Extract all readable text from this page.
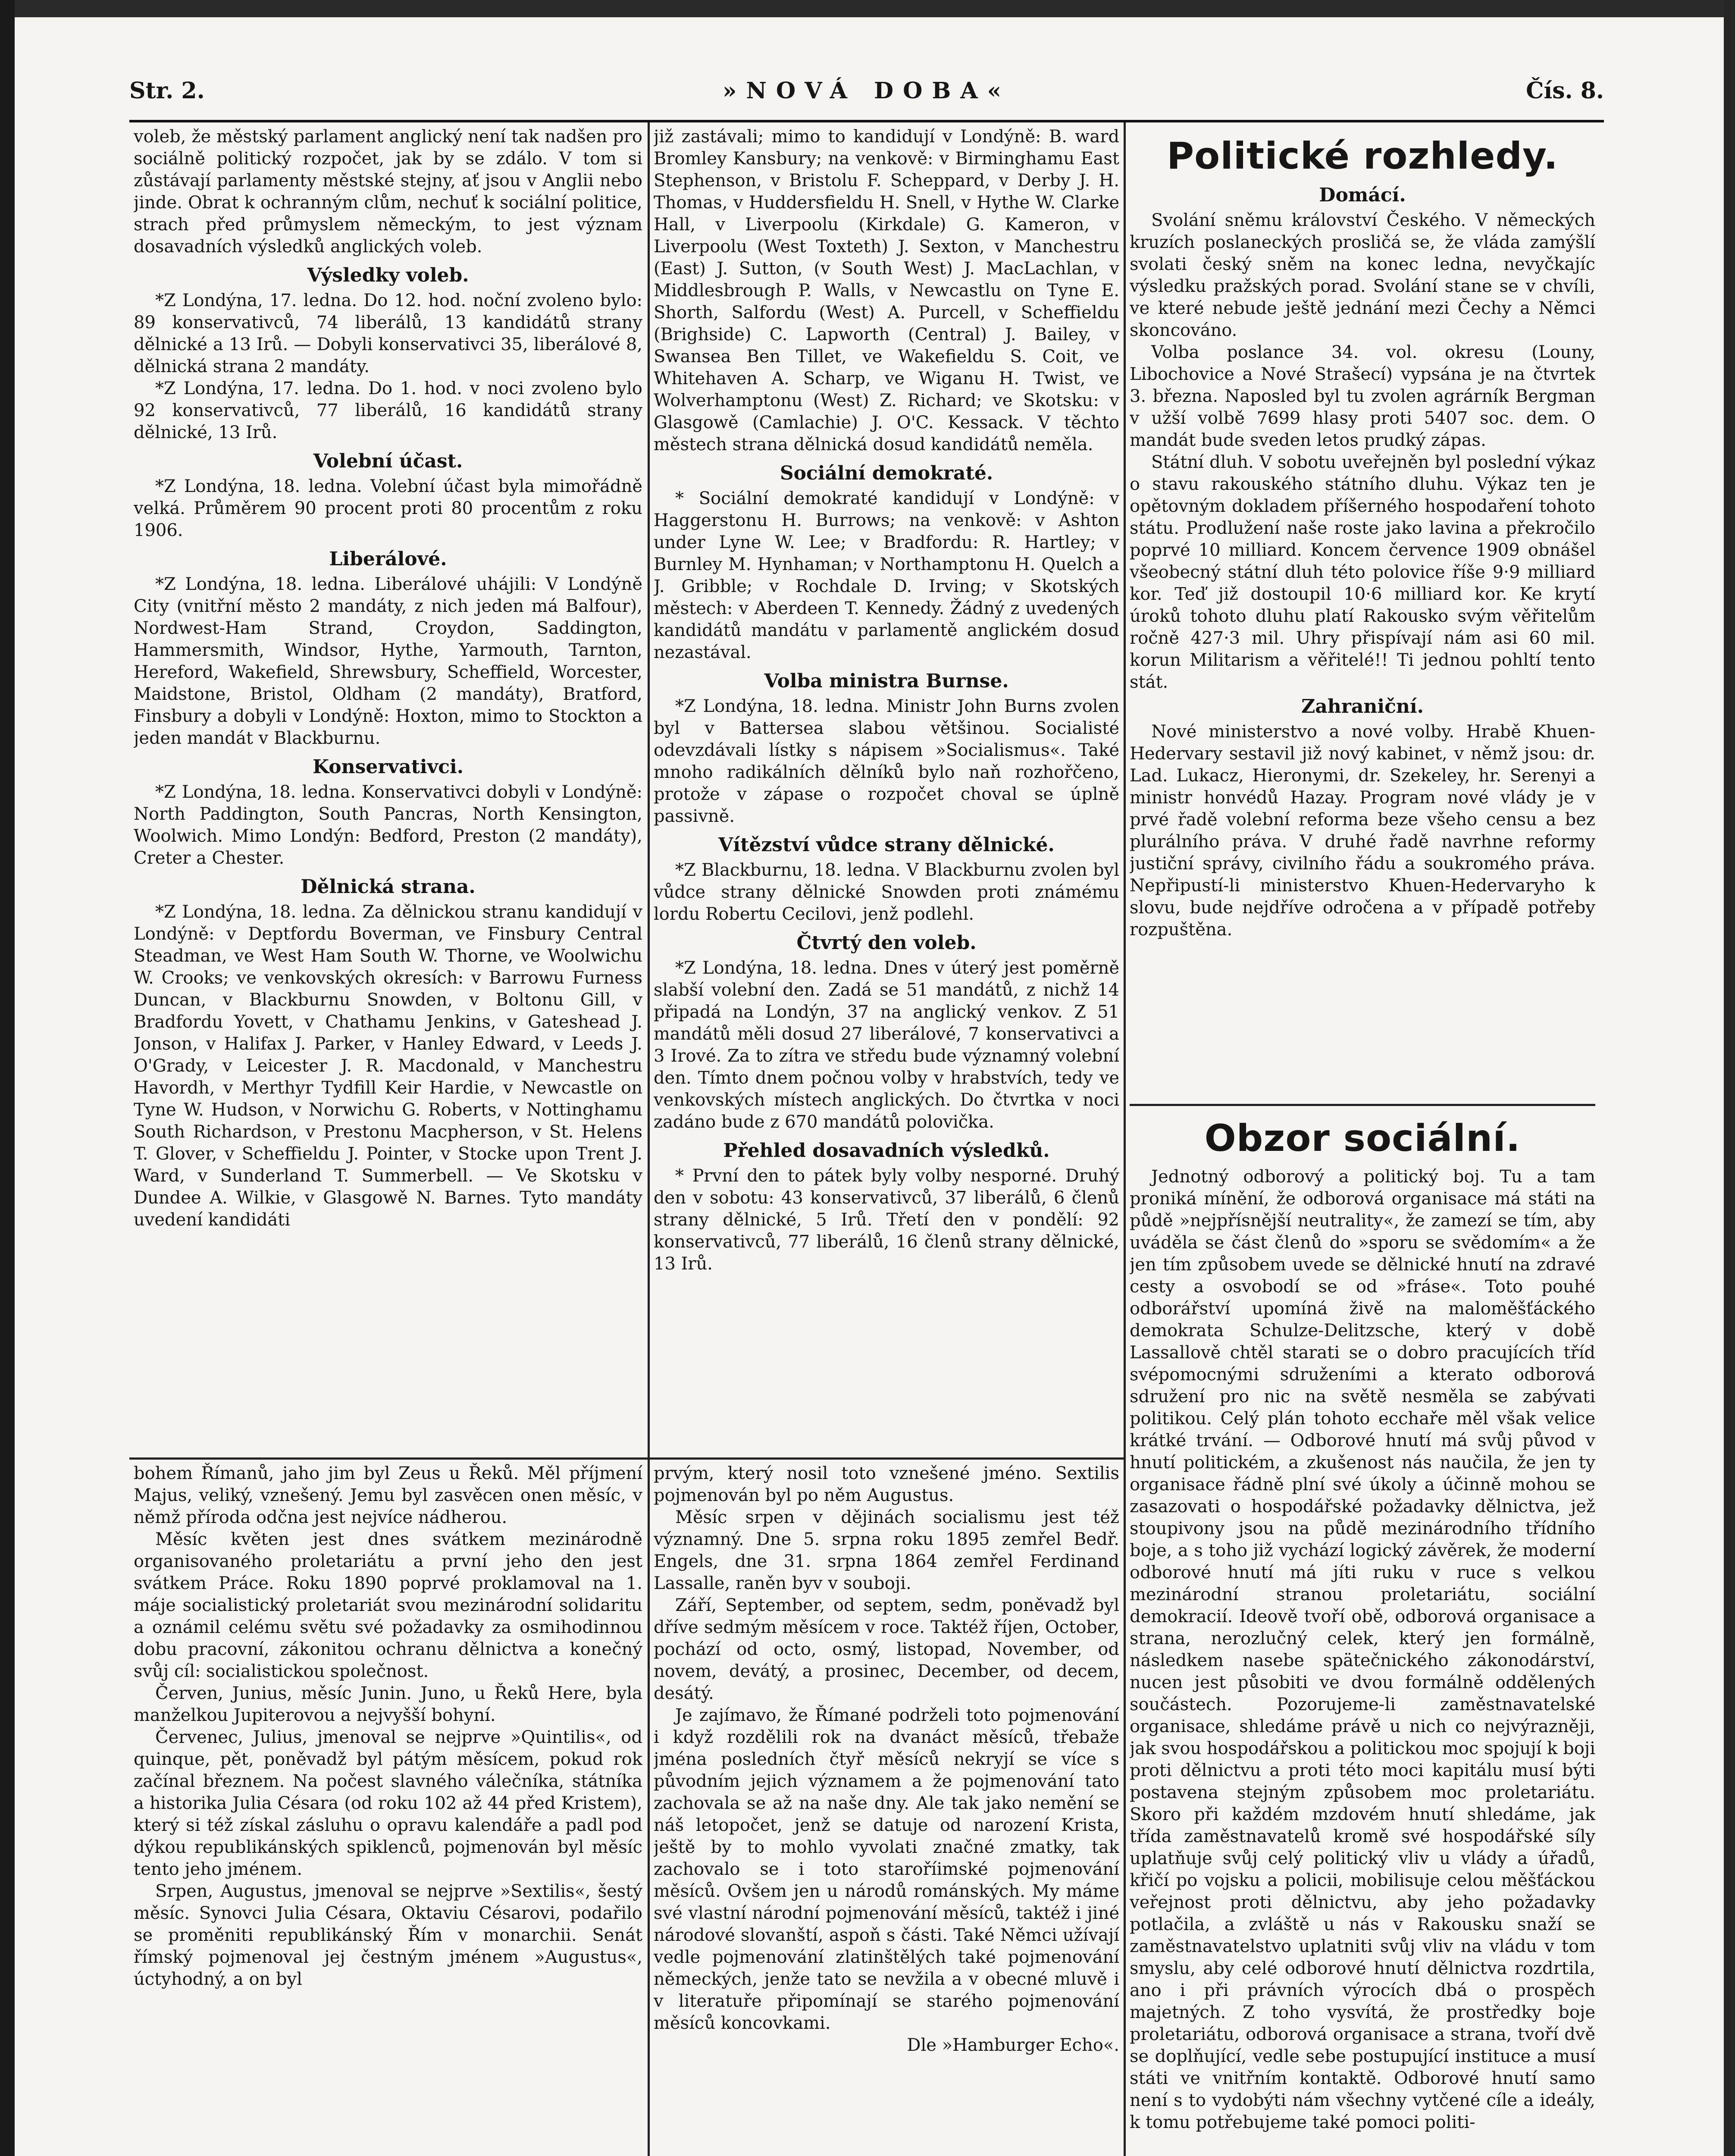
Str. 2.	»NOVÁ DOBA«	Čís. 8.

voleb, že městský parlament anglický není tak nadšen pro sociálně politický rozpočet, jak by se zdálo. V tom si zůstávají parlamenty městské stejny, ať jsou v Anglii nebo jinde. Obrat k ochranným clům, nechuť k sociální politice, strach před průmyslem německým, to jest význam dosavadních výsledků anglických voleb.

Výsledky voleb.

*Z Londýna, 17. ledna. Do 12. hod. noční zvoleno bylo: 89 konservativců, 74 liberálů, 13 kandidátů strany dělnické a 13 Irů. — Dobyli konservativci 35, liberálové 8, dělnická strana 2 mandáty.

*Z Londýna, 17. ledna. Do 1. hod. v noci zvoleno bylo 92 konservativců, 77 liberálů, 16 kandidátů strany dělnické, 13 Irů.

Volební účast.

*Z Londýna, 18. ledna. Volební účast byla mimořádně velká. Průměrem 90 procent proti 80 procentům z roku 1906.

Liberálové.

*Z Londýna, 18. ledna. Liberálové uhájili: V Londýně City (vnitřní město 2 mandáty, z nich jeden má Balfour), Nordwest-Ham Strand, Croydon, Saddington, Hammersmith, Windsor, Hythe, Yarmouth, Tarnton, Hereford, Wakefield, Shrewsbury, Scheffield, Worcester, Maidstone, Bristol, Oldham (2 mandáty), Bratford, Finsbury a dobyli v Londýně: Hoxton, mimo to Stockton a jeden mandát v Blackburnu.

Konservativci.

*Z Londýna, 18. ledna. Konservativci dobyli v Londýně: North Paddington, South Pancras, North Kensington, Woolwich. Mimo Londýn: Bedford, Preston (2 mandáty), Creter a Chester.

Dělnická strana.

*Z Londýna, 18. ledna. Za dělnickou stranu kandidují v Londýně: v Deptfordu Boverman, ve Finsbury Central Steadman, ve West Ham South W. Thorne, ve Woolwichu W. Crooks; ve venkovských okresích: v Barrowu Furness Duncan, v Blackburnu Snowden, v Boltonu Gill, v Bradfordu Yovett, v Chathamu Jenkins, v Gateshead J. Jonson, v Halifax J. Parker, v Hanley Edward, v Leeds J. O'Grady, v Leicester J. R. Macdonald, v Manchestru Havordh, v Merthyr Tydfill Keir Hardie, v Newcastle on Tyne W. Hudson, v Norwichu G. Roberts, v Nottinghamu South Richardson, v Prestonu Macpherson, v St. Helens T. Glover, v Scheffieldu J. Pointer, v Stocke upon Trent J. Ward, v Sunderland T. Summerbell. — Ve Skotsku v Dundee A. Wilkie, v Glasgowě N. Barnes. Tyto mandáty uvedení kandidáti

již zastávali; mimo to kandidují v Londýně: B. ward Bromley Kansbury; na venkově: v Birminghamu East Stephenson, v Bristolu F. Scheppard, v Derby J. H. Thomas, v Huddersfieldu H. Snell, v Hythe W. Clarke Hall, v Liverpoolu (Kirkdale) G. Kameron, v Liverpoolu (West Toxteth) J. Sexton, v Manchestru (East) J. Sutton, (v South West) J. MacLachlan, v Middlesbrough P. Walls, v Newcastlu on Tyne E. Shorth, Salfordu (West) A. Purcell, v Scheffieldu (Brighside) C. Lapworth (Central) J. Bailey, v Swansea Ben Tillet, ve Wakefieldu S. Coit, ve Whitehaven A. Scharp, ve Wiganu H. Twist, ve Wolverhamptonu (West) Z. Richard; ve Skotsku: v Glasgowě (Camlachie) J. O'C. Kessack. V těchto městech strana dělnická dosud kandidátů neměla.

Sociální demokraté.

* Sociální demokraté kandidují v Londýně: v Haggerstonu H. Burrows; na venkově: v Ashton under Lyne W. Lee; v Bradfordu: R. Hartley; v Burnley M. Hynhaman; v Northamptonu H. Quelch a J. Gribble; v Rochdale D. Irving; v Skotských městech: v Aberdeen T. Kennedy. Žádný z uvedených kandidátů mandátu v parlamentě anglickém dosud nezastával.

Volba ministra Burnse.

*Z Londýna, 18. ledna. Ministr John Burns zvolen byl v Battersea slabou většinou. Socialisté odevzdávali lístky s nápisem »Socialismus«. Také mnoho radikálních dělníků bylo naň rozhořčeno, protože v zápase o rozpočet choval se úplně passivně.

Vítězství vůdce strany dělnické.

*Z Blackburnu, 18. ledna. V Blackburnu zvolen byl vůdce strany dělnické Snowden proti známému lordu Robertu Cecilovi, jenž podlehl.

Čtvrtý den voleb.

*Z Londýna, 18. ledna. Dnes v úterý jest poměrně slabší volební den. Zadá se 51 mandátů, z nichž 14 připadá na Londýn, 37 na anglický venkov. Z 51 mandátů měli dosud 27 liberálové, 7 konservativci a 3 Irové. Za to zítra ve středu bude významný volební den. Tímto dnem počnou volby v hrabstvích, tedy ve venkovských místech anglických. Do čtvrtka v noci zadáno bude z 670 mandátů polovička.

Přehled dosavadních výsledků.

* První den to pátek byly volby nesporné. Druhý den v sobotu: 43 konservativců, 37 liberálů, 6 členů strany dělnické, 5 Irů. Třetí den v pondělí: 92 konservativců, 77 liberálů, 16 členů strany dělnické, 13 Irů.

Politické rozhledy.
Domácí.

Svolání sněmu království Českého. V německých kruzích poslaneckých prosličá se, že vláda zamýšlí svolati český sněm na konec ledna, nevyčkajíc výsledku pražských porad. Svolání stane se v chvíli, ve které nebude ještě jednání mezi Čechy a Němci skoncováno.

Volba poslance 34. vol. okresu (Louny, Libochovice a Nové Strašecí) vypsána je na čtvrtek 3. března. Naposled byl tu zvolen agrárník Bergman v užší volbě 7699 hlasy proti 5407 soc. dem. O mandát bude sveden letos prudký zápas.

Státní dluh. V sobotu uveřejněn byl poslední výkaz o stavu rakouského státního dluhu. Výkaz ten je opětovným dokladem příšerného hospodaření tohoto státu. Prodlužení naše roste jako lavina a překročilo poprvé 10 milliard. Koncem července 1909 obnášel všeobecný státní dluh této polovice říše 9·9 milliard kor. Teď již dostoupil 10·6 milliard kor. Ke krytí úroků tohoto dluhu platí Rakousko svým věřitelům ročně 427·3 mil. Uhry přispívají nám asi 60 mil. korun Militarism a věřitelé!! Ti jednou pohltí tento stát.

Zahraniční.

Nové ministerstvo a nové volby. Hrabě Khuen-Hedervary sestavil již nový kabinet, v němž jsou: dr. Lad. Lukacz, Hieronymi, dr. Szekeley, hr. Serenyi a ministr honvédů Hazay. Program nové vlády je v prvé řadě volební reforma beze všeho censu a bez plurálního práva. V druhé řadě navrhne reformy justiční správy, civilního řádu a soukromého práva. Nepřipustí-li ministerstvo Khuen-Hedervaryho k slovu, bude nejdříve odročena a v případě potřeby rozpuštěna.

Obzor sociální.

Jednotný odborový a politický boj. Tu a tam proniká mínění, že odborová organisace má státi na půdě »nejpřísnější neutrality«, že zamezí se tím, aby uváděla se část členů do »sporu se svědomím« a že jen tím způsobem uvede se dělnické hnutí na zdravé cesty a osvobodí se od »fráse«. Toto pouhé odborářství upomíná živě na maloměšťáckého demokrata Schulze-Delitzsche, který v době Lassallově chtěl starati se o dobro pracujících tříd svépomocnými sdruženími a kterato odborová sdružení pro nic na světě nesměla se zabývati politikou. Celý plán tohoto ecchaře měl však velice krátké trvání. — Odborové hnutí má svůj původ v hnutí politickém, a zkušenost nás naučila, že jen ty organisace řádně plní své úkoly a účinně mohou se zasazovati o hospodářské požadavky dělnictva, jež stoupivony jsou na půdě mezinárodního třídního boje, a s toho již vychází logický závěrek, že moderní odborové hnutí má jíti ruku v ruce s velkou mezinárodní stranou proletariátu, sociální demokracií. Ideově tvoří obě, odborová organisace a strana, nerozlučný celek, který jen formálně, následkem nasebe spätečnického zákonodárství, nucen jest působiti ve dvou formálně oddělených součástech. Pozorujeme-li zaměstnavatelské organisace, shledáme právě u nich co nejvýrazněji, jak svou hospodářskou a politickou moc spojují k boji proti dělnictvu a proti této moci kapitálu musí býti postavena stejným způsobem moc proletariátu. Skoro při každém mzdovém hnutí shledáme, jak třída zaměstnavatelů kromě své hospodářské síly uplatňuje svůj celý politický vliv u vlády a úřadů, křičí po vojsku a policii, mobilisuje celou měšťáckou veřejnost proti dělnictvu, aby jeho požadavky potlačila, a zvláště u nás v Rakousku snaží se zaměstnavatelstvo uplatniti svůj vliv na vládu v tom smyslu, aby celé odborové hnutí dělnictva rozdrtila, ano i při právních výrocích dbá o prospěch majetných. Z toho vysvítá, že prostředky boje proletariátu, odborová organisace a strana, tvoří dvě se doplňující, vedle sebe postupující instituce a musí státi ve vnitřním kontaktě. Odborové hnutí samo není s to vydobýti nám všechny vytčené cíle a ideály, k tomu potřebujeme také pomoci politi-

bohem Římanů, jaho jim byl Zeus u Řeků. Měl příjmení Majus, veliký, vznešený. Jemu byl zasvěcen onen měsíc, v němž příroda odčna jest nejvíce nádherou.

Měsíc květen jest dnes svátkem mezinárodně organisovaného proletariátu a první jeho den jest svátkem Práce. Roku 1890 poprvé proklamoval na 1. máje socialistický proletariát svou mezinárodní solidaritu a oznámil celému světu své požadavky za osmihodinnou dobu pracovní, zákonitou ochranu dělnictva a konečný svůj cíl: socialistickou společnost.

Červen, Junius, měsíc Junin. Juno, u Řeků Here, byla manželkou Jupiterovou a nejvyšší bohyní.

Červenec, Julius, jmenoval se nejprve »Quintilis«, od quinque, pět, poněvadž byl pátým měsícem, pokud rok začínal březnem. Na počest slavného válečníka, státníka a historika Julia Césara (od roku 102 až 44 před Kristem), který si též získal zásluhu o opravu kalendáře a padl pod dýkou republikánských spiklenců, pojmenován byl měsíc tento jeho jménem.

Srpen, Augustus, jmenoval se nejprve »Sextilis«, šestý měsíc. Synovci Julia Césara, Oktaviu Césarovi, podařilo se proměniti republikánský Řím v monarchii. Senát římský pojmenoval jej čestným jménem »Augustus«, úctyhodný, a on byl

prvým, který nosil toto vznešené jméno. Sextilis pojmenován byl po něm Augustus.

Měsíc srpen v dějinách socialismu jest též významný. Dne 5. srpna roku 1895 zemřel Bedř. Engels, dne 31. srpna 1864 zemřel Ferdinand Lassalle, raněn byv v souboji.

Září, September, od septem, sedm, poněvadž byl dříve sedmým měsícem v roce. Taktéž říjen, October, pochází od octo, osmý, listopad, November, od novem, devátý, a prosinec, December, od decem, desátý.

Je zajímavo, že Římané podrželi toto pojmenování i když rozdělili rok na dvanáct měsíců, třebaže jména posledních čtyř měsíců nekryjí se více s původním jejich významem a že pojmenování tato zachovala se až na naše dny. Ale tak jako nemění se náš letopočet, jenž se datuje od narození Krista, ještě by to mohlo vyvolati značné zmatky, tak zachovalo se i toto staroříimské pojmenování měsíců. Ovšem jen u národů románských. My máme své vlastní národní pojmenování měsíců, taktéž i jiné národové slovanští, aspoň s části. Také Němci užívají vedle pojmenování zlatinštělých také pojmenování německých, jenže tato se nevžila a v obecné mluvě i v literatuře připomínají se starého pojmenování měsíců koncovkami.

Dle »Hamburger Echo«.
